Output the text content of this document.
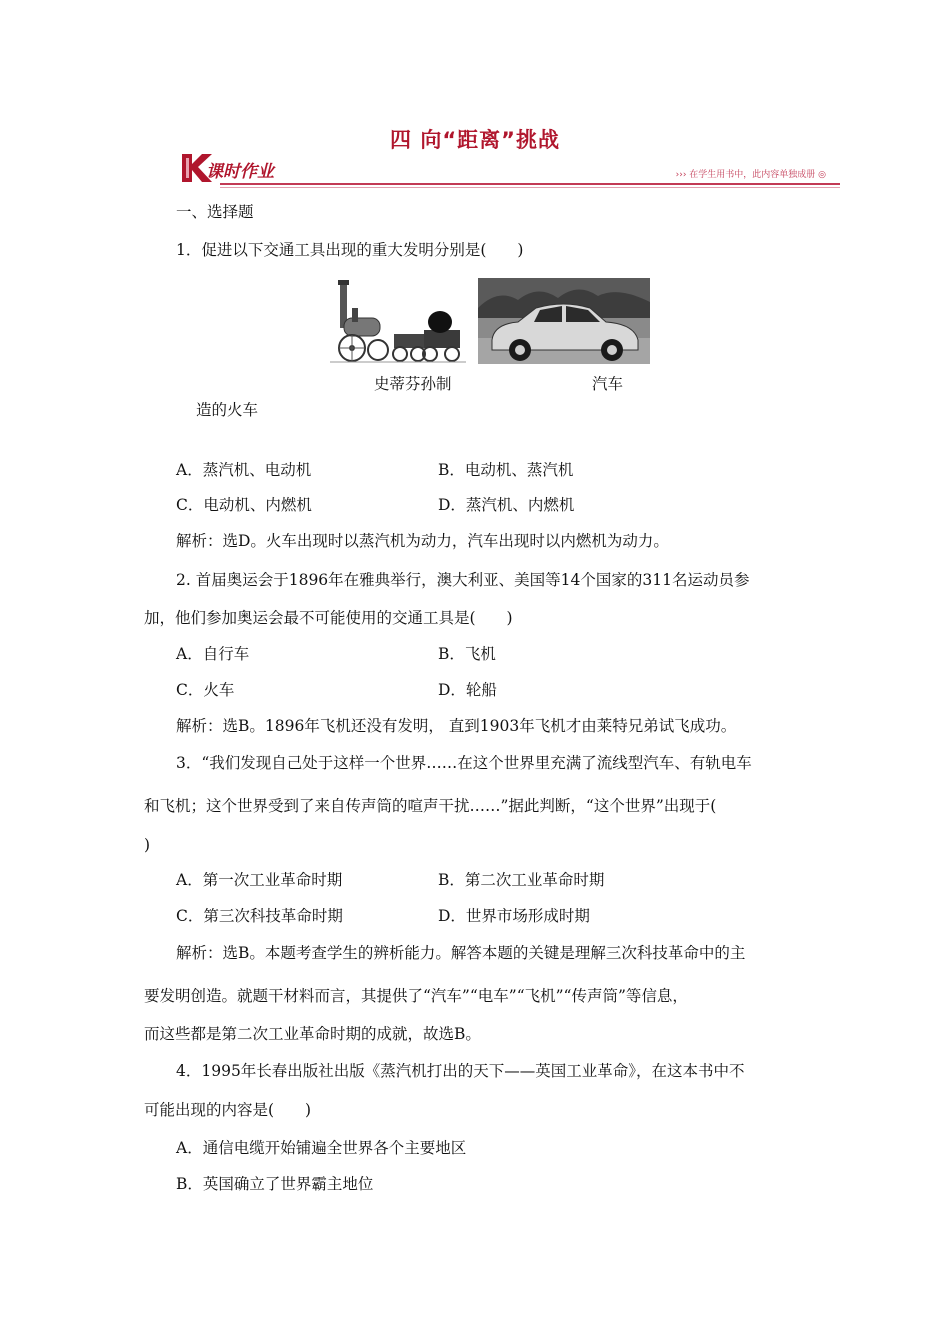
四 向“距离”挑战
课时作业	››› 在学生用书中，此内容单独成册 ◎
一、选择题
1．促进以下交通工具出现的重大发明分别是(　　)
史蒂芬孙制	汽车
造的火车
A．蒸汽机、电动机	B．电动机、蒸汽机
C．电动机、内燃机	D．蒸汽机、内燃机
解析：选D。火车出现时以蒸汽机为动力，汽车出现时以内燃机为动力。
2. 首届奥运会于1896年在雅典举行，澳大利亚、美国等14个国家的311名运动员参
加，他们参加奥运会最不可能使用的交通工具是(　　)
A．自行车	B．飞机
C．火车	D．轮船
解析：选B。1896年飞机还没有发明， 直到1903年飞机才由莱特兄弟试飞成功。
3．“我们发现自己处于这样一个世界……在这个世界里充满了流线型汽车、有轨电车
和飞机；这个世界受到了来自传声筒的喧声干扰……”据此判断，“这个世界”出现于(
)
A．第一次工业革命时期	B．第二次工业革命时期
C．第三次科技革命时期	D．世界市场形成时期
解析：选B。本题考查学生的辨析能力。解答本题的关键是理解三次科技革命中的主
要发明创造。就题干材料而言，其提供了“汽车”“电车”“飞机”“传声筒”等信息，
而这些都是第二次工业革命时期的成就，故选B。
4．1995年长春出版社出版《蒸汽机打出的天下——英国工业革命》，在这本书中不
可能出现的内容是(　　)
A．通信电缆开始铺遍全世界各个主要地区
B．英国确立了世界霸主地位
